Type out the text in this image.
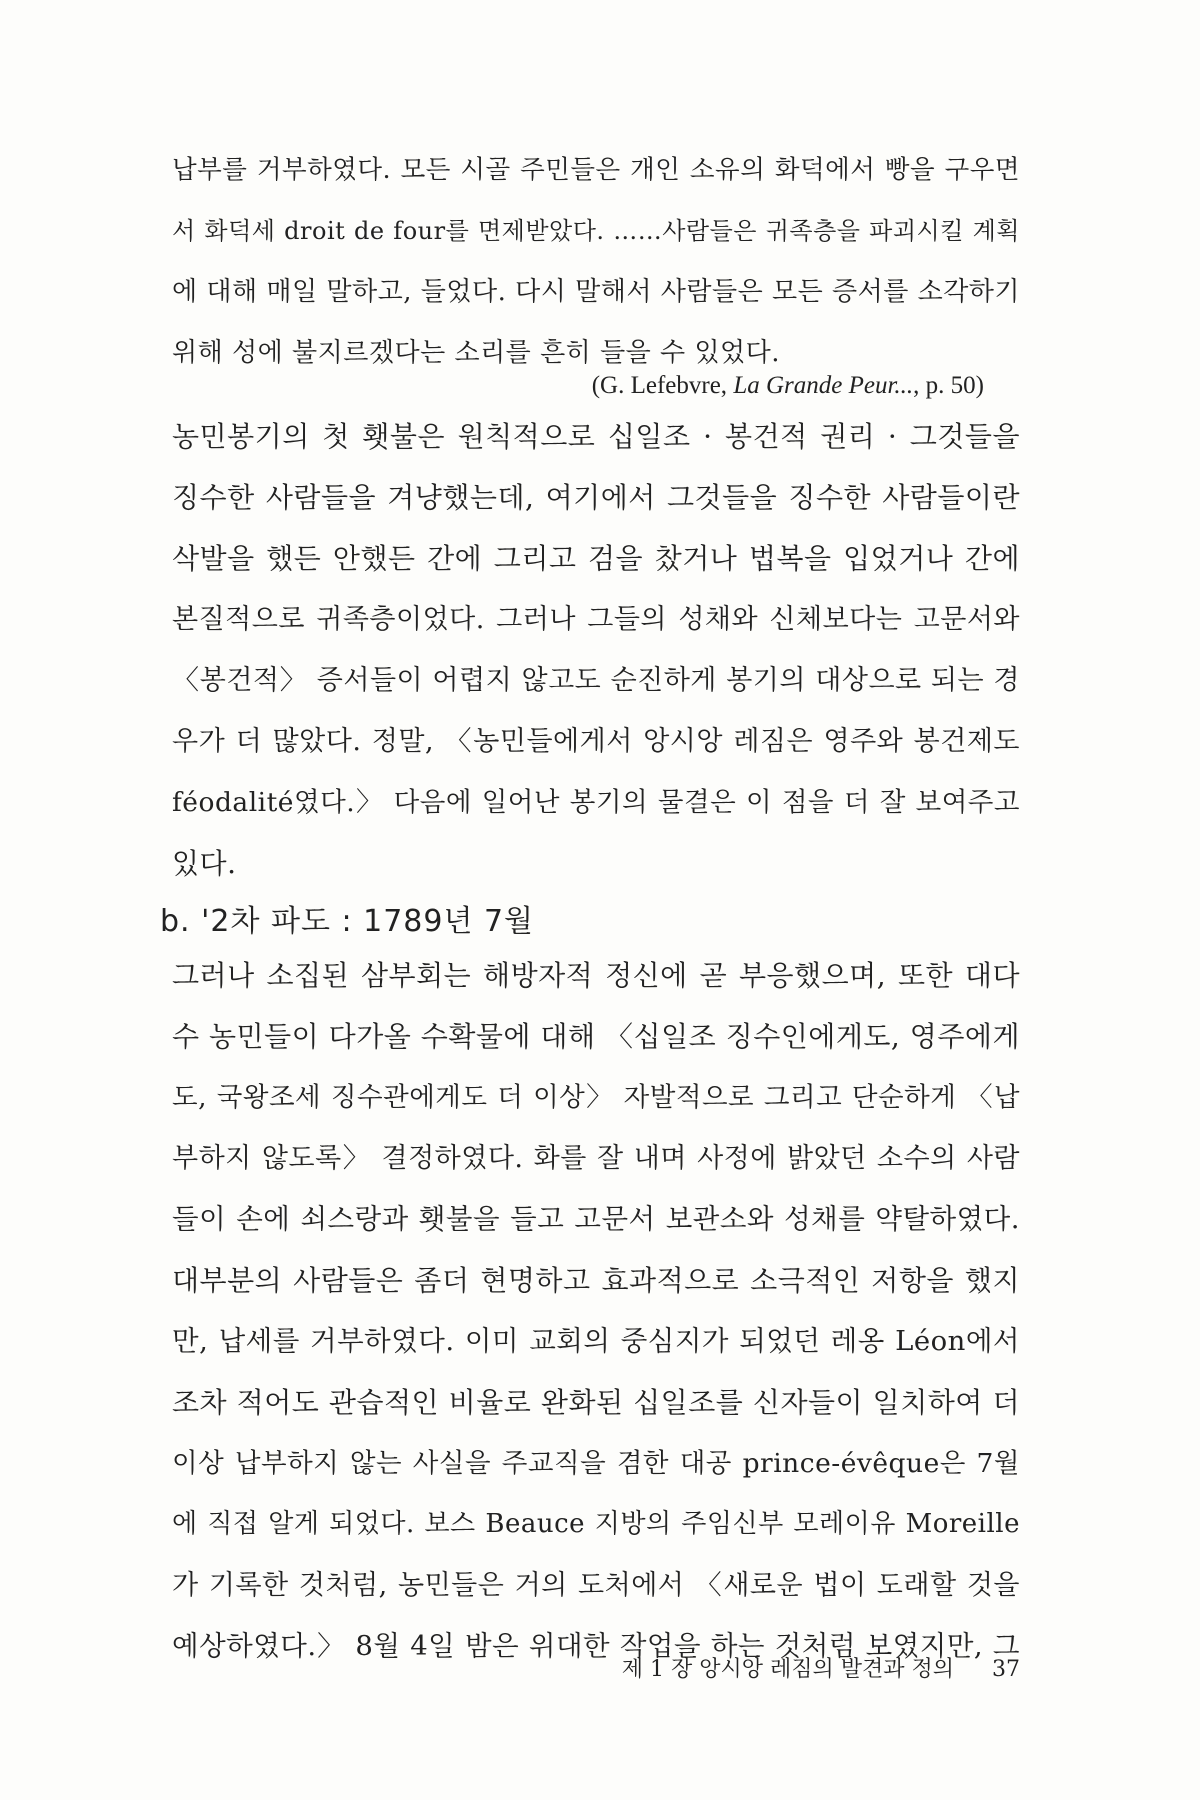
납부를 거부하였다. 모든 시골 주민들은 개인 소유의 화덕에서 빵을 구우면
서 화덕세 droit de four를 면제받았다. ……사람들은 귀족층을 파괴시킬 계획
에 대해 매일 말하고, 들었다. 다시 말해서 사람들은 모든 증서를 소각하기
위해 성에 불지르겠다는 소리를 흔히 들을 수 있었다.
(G. Lefebvre, La Grande Peur..., p. 50)
농민봉기의 첫 횃불은 원칙적으로 십일조 · 봉건적 권리 · 그것들을
징수한 사람들을 겨냥했는데, 여기에서 그것들을 징수한 사람들이란
삭발을 했든 안했든 간에 그리고 검을 찼거나 법복을 입었거나 간에
본질적으로 귀족층이었다. 그러나 그들의 성채와 신체보다는 고문서와
〈봉건적〉 증서들이 어렵지 않고도 순진하게 봉기의 대상으로 되는 경
우가 더 많았다. 정말, 〈농민들에게서 앙시앙 레짐은 영주와 봉건제도
féodalité였다.〉 다음에 일어난 봉기의 물결은 이 점을 더 잘 보여주고
있다.
b. '2차 파도 : 1789년 7월
그러나 소집된 삼부회는 해방자적 정신에 곧 부응했으며, 또한 대다
수 농민들이 다가올 수확물에 대해 〈십일조 징수인에게도, 영주에게
도, 국왕조세 징수관에게도 더 이상〉 자발적으로 그리고 단순하게 〈납
부하지 않도록〉 결정하였다. 화를 잘 내며 사정에 밝았던 소수의 사람
들이 손에 쇠스랑과 횃불을 들고 고문서 보관소와 성채를 약탈하였다.
대부분의 사람들은 좀더 현명하고 효과적으로 소극적인 저항을 했지
만, 납세를 거부하였다. 이미 교회의 중심지가 되었던 레옹 Léon에서
조차 적어도 관습적인 비율로 완화된 십일조를 신자들이 일치하여 더
이상 납부하지 않는 사실을 주교직을 겸한 대공 prince-évêque은 7월
에 직접 알게 되었다. 보스 Beauce 지방의 주임신부 모레이유 Moreille
가 기록한 것처럼, 농민들은 거의 도처에서 〈새로운 법이 도래할 것을
예상하였다.〉 8월 4일 밤은 위대한 작업을 하는 것처럼 보였지만, 그
제 1 장 앙시앙 레짐의 발견과 정의 37
